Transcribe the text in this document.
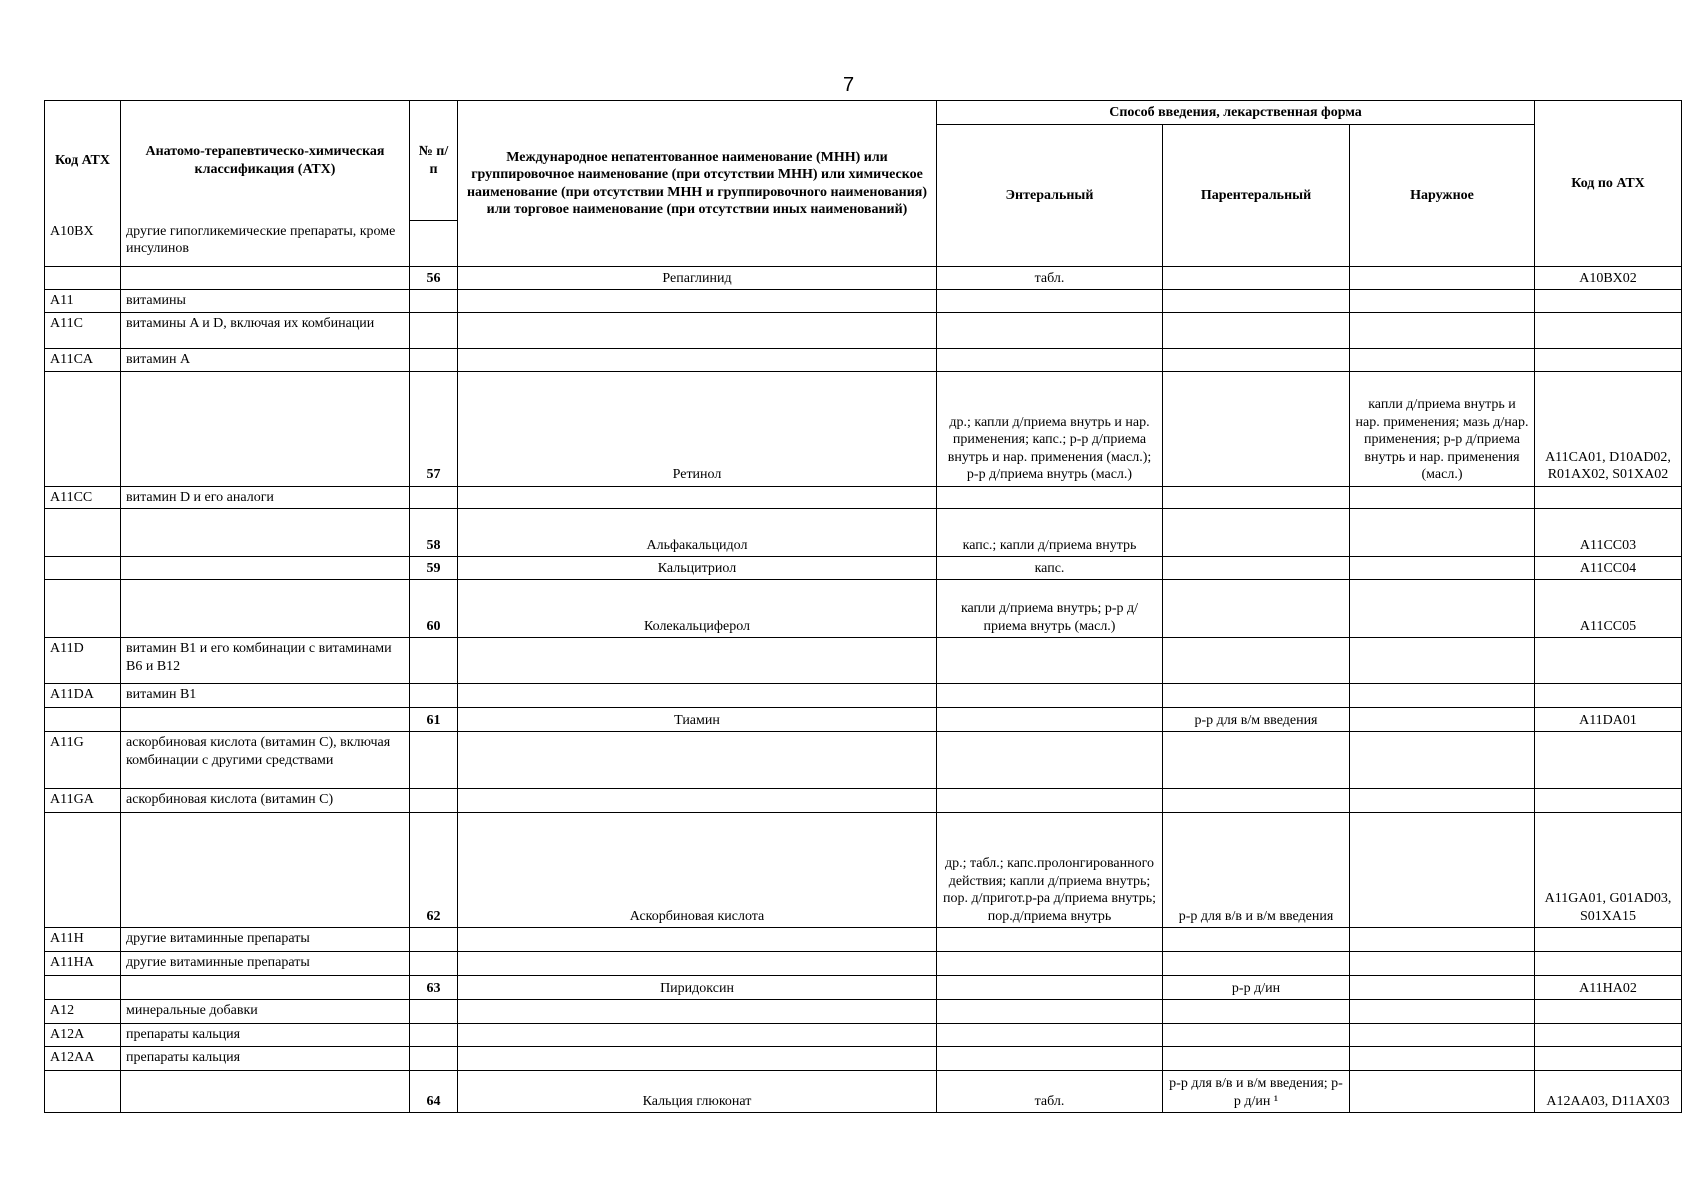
7
Код АТХ	Анатомо-терапевтическо-химическая классификация (АТХ)	№ п/п	Международное непатентованное наименование (МНН) или группировочное наименование (при отсутствии МНН) или химическое наименование (при отсутствии МНН и группировочного наименования) или торговое наименование (при отсутствии иных наименований)	Способ введения, лекарственная форма			Код по АТХ
				Энтеральный	Парентеральный	Наружное	
A10BX	другие гипогликемические препараты, кроме инсулинов						
		56	Репаглинид	табл.			A10BX02
A11	витамины						
A11C	витамины A и D, включая их комбинации						
A11CA	витамин A						
		57	Ретинол	др.; капли д/приема внутрь и нар. применения; капс.; р-р д/приема внутрь и нар. применения (масл.); р-р д/приема внутрь (масл.)		капли д/приема внутрь и нар. применения; мазь д/нар. применения; р-р д/приема внутрь и нар. применения (масл.)	A11CA01, D10AD02, R01AX02, S01XA02
A11CC	витамин D и его аналоги						
		58	Альфакальцидол	капс.; капли д/приема внутрь			A11CC03
		59	Кальцитриол	капс.			A11CC04
		60	Колекальциферол	капли д/приема внутрь; р-р д/приема внутрь (масл.)			A11CC05
A11D	витамин B1 и его комбинации с витаминами B6 и B12						
A11DA	витамин B1						
		61	Тиамин		р-р для в/м введения		A11DA01
A11G	аскорбиновая кислота (витамин C), включая комбинации с другими средствами						
A11GA	аскорбиновая кислота (витамин C)						
		62	Аскорбиновая кислота	др.; табл.; капс.пролонгированного действия; капли д/приема внутрь; пор. д/пригот.р-ра д/приема внутрь; пор.д/приема внутрь	р-р для в/в и в/м введения		A11GA01, G01AD03, S01XA15
A11H	другие витаминные препараты						
A11HA	другие витаминные препараты						
		63	Пиридоксин		р-р д/ин		A11HA02
A12	минеральные добавки						
A12A	препараты кальция						
A12AA	препараты кальция						
		64	Кальция глюконат	табл.	р-р для в/в и в/м введения; р-р д/ин ¹		A12AA03, D11AX03
